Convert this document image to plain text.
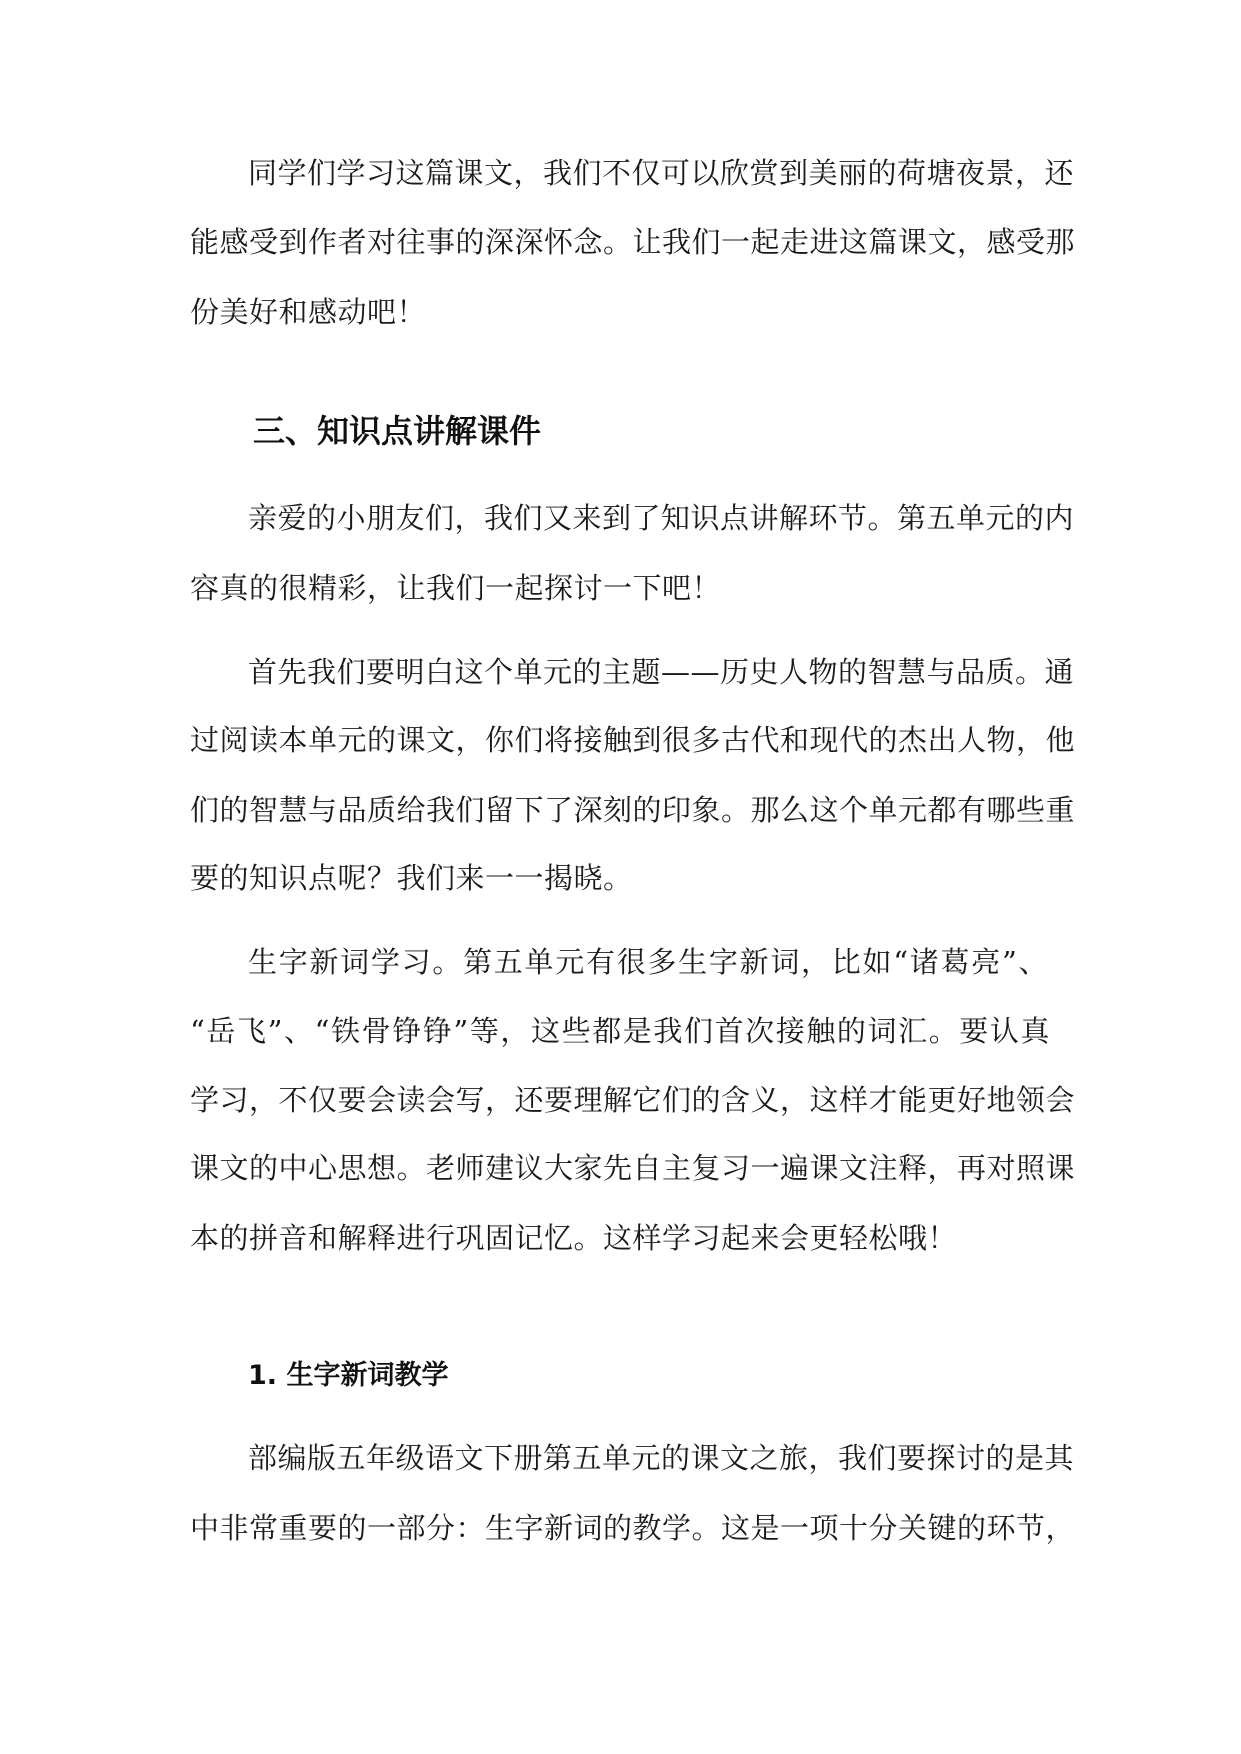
同学们学习这篇课文，我们不仅可以欣赏到美丽的荷塘夜景，还
能感受到作者对往事的深深怀念。让我们一起走进这篇课文，感受那
份美好和感动吧！
三、知识点讲解课件
亲爱的小朋友们，我们又来到了知识点讲解环节。第五单元的内
容真的很精彩，让我们一起探讨一下吧！
首先我们要明白这个单元的主题——历史人物的智慧与品质。通
过阅读本单元的课文，你们将接触到很多古代和现代的杰出人物，他
们的智慧与品质给我们留下了深刻的印象。那么这个单元都有哪些重
要的知识点呢？我们来一一揭晓。
生字新词学习。第五单元有很多生字新词，比如“诸葛亮”、
“岳飞”、“铁骨铮铮”等，这些都是我们首次接触的词汇。要认真
学习，不仅要会读会写，还要理解它们的含义，这样才能更好地领会
课文的中心思想。老师建议大家先自主复习一遍课文注释，再对照课
本的拼音和解释进行巩固记忆。这样学习起来会更轻松哦！
1. 生字新词教学
部编版五年级语文下册第五单元的课文之旅，我们要探讨的是其
中非常重要的一部分：生字新词的教学。这是一项十分关键的环节，
